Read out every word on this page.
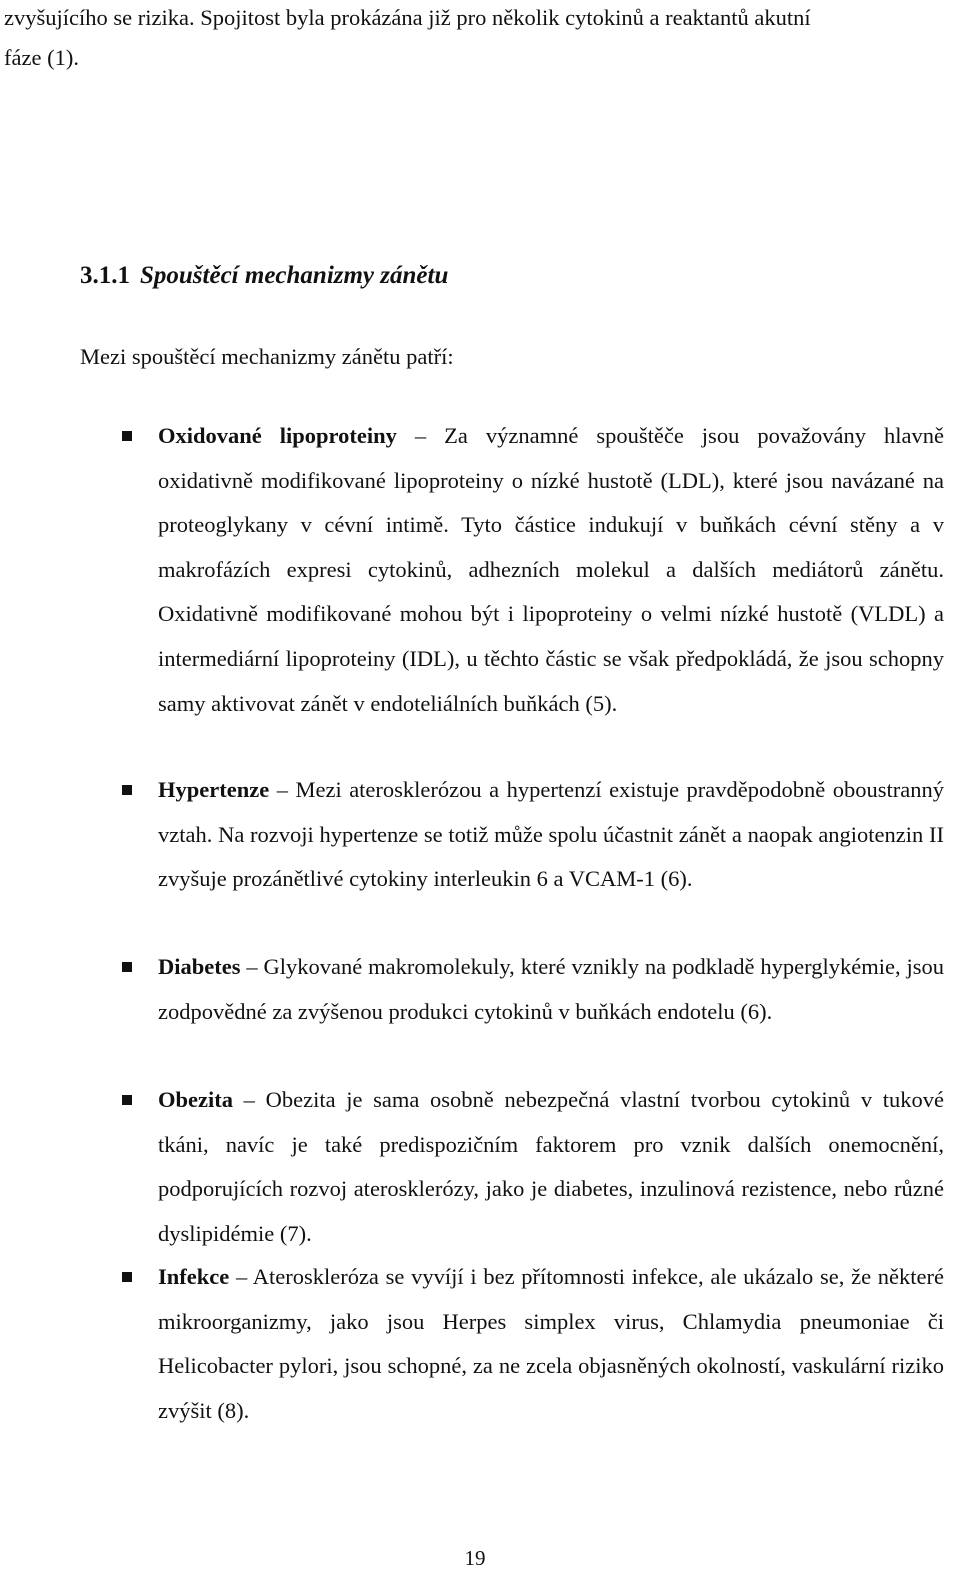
zvyšujícího se rizika. Spojitost byla prokázána již pro několik cytokinů a reaktantů akutní
fáze (1).

3.1.1 Spouštěcí mechanizmy zánětu

Mezi spouštěcí mechanizmy zánětu patří:

Oxidované lipoproteiny – Za významné spouštěče jsou považovány hlavně oxidativně modifikované lipoproteiny o nízké hustotě (LDL), které jsou navázané na proteoglykany v cévní intimě. Tyto částice indukují v buňkách cévní stěny a v makrofázích expresi cytokinů, adhezních molekul a dalších mediátorů zánětu. Oxidativně modifikované mohou být i lipoproteiny o velmi nízké hustotě (VLDL) a intermediární lipoproteiny (IDL), u těchto částic se však předpokládá, že jsou schopny samy aktivovat zánět v endoteliálních buňkách (5).

Hypertenze – Mezi aterosklerózou a hypertenzí existuje pravděpodobně oboustranný vztah. Na rozvoji hypertenze se totiž může spolu účastnit zánět a naopak angiotenzin II zvyšuje prozánětlivé cytokiny interleukin 6 a VCAM-1 (6).

Diabetes – Glykované makromolekuly, které vznikly na podkladě hyperglykémie, jsou zodpovědné za zvýšenou produkci cytokinů v buňkách endotelu (6).

Obezita – Obezita je sama osobně nebezpečná vlastní tvorbou cytokinů v tukové tkáni, navíc je také predispozičním faktorem pro vznik dalších onemocnění, podporujících rozvoj aterosklerózy, jako je diabetes, inzulinová rezistence, nebo různé dyslipidémie (7).

Infekce – Ateroskleróza se vyvíjí i bez přítomnosti infekce, ale ukázalo se, že některé mikroorganizmy, jako jsou Herpes simplex virus, Chlamydia pneumoniae či Helicobacter pylori, jsou schopné, za ne zcela objasněných okolností, vaskulární riziko zvýšit (8).

19
